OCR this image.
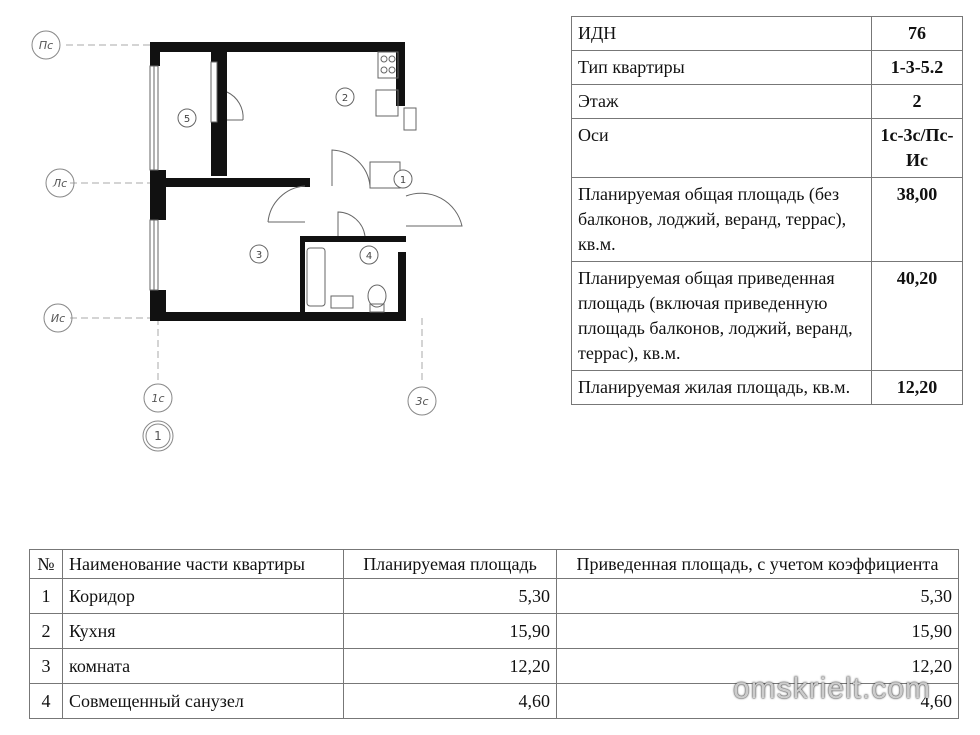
Пс
Лс
Ис
1с	3с
1
1
2
3	4
5
ИДН	76
Тип квартиры	1-3-5.2
Этаж	2
Оси	1с-3с/Пс-Ис
Планируемая общая площадь (без балконов, лоджий, веранд, террас), кв.м.	38,00
Планируемая общая приведенная площадь (включая приведенную площадь балконов, лоджий, веранд, террас), кв.м.	40,20
Планируемая жилая площадь, кв.м.	12,20
№	Наименование части квартиры	Планируемая площадь	Приведенная площадь, с учетом коэффициента
1	Коридор	5,30	5,30
2	Кухня	15,90	15,90
3	комната	12,20	12,20
4	Совмещенный санузел	4,60	4,60
omskrielt.com
